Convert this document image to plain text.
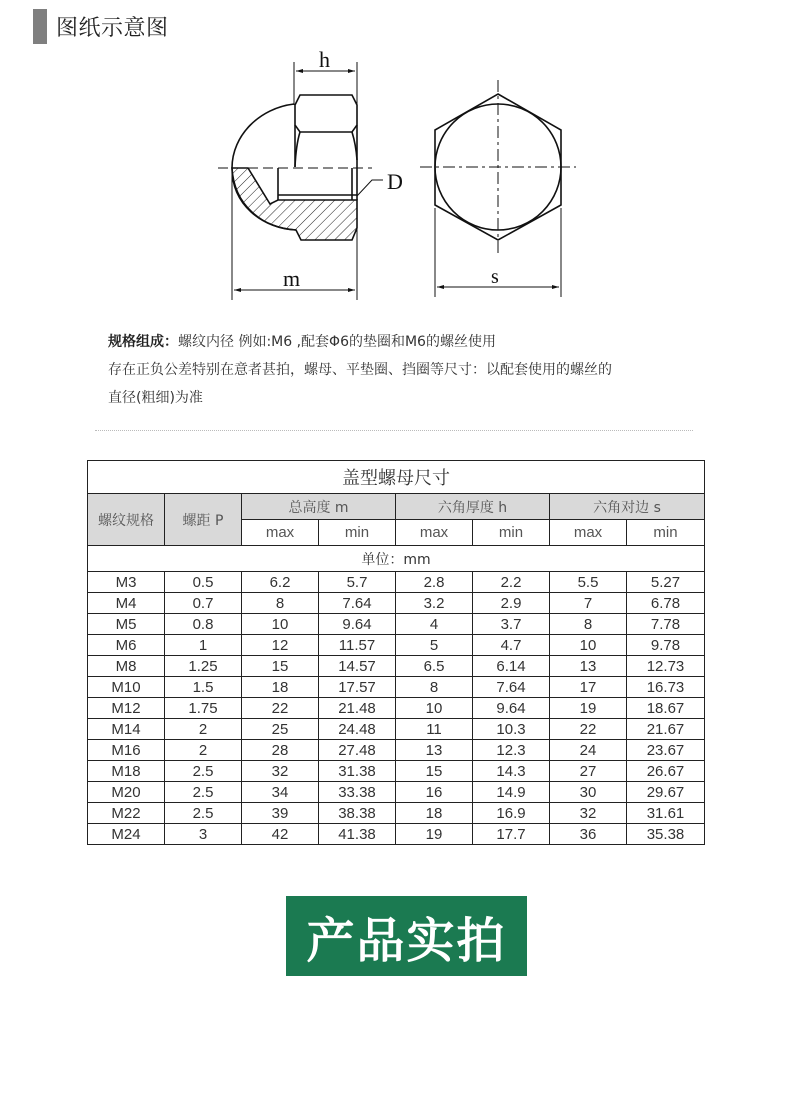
图纸示意图
h
D
m	s
规格组成：螺纹内径 例如:M6 ,配套Φ6的垫圈和M6的螺丝使用
存在正负公差特别在意者甚拍，螺母、平垫圈、挡圈等尺寸：以配套使用的螺丝的
直径(粗细)为准
盖型螺母尺寸							
螺纹规格	螺距 P	总高度 m		六角厚度 h		六角对边 s	
		max	min	max	min	max	min
单位：mm							
M3	0.5	6.2	5.7	2.8	2.2	5.5	5.27
M4	0.7	8	7.64	3.2	2.9	7	6.78
M5	0.8	10	9.64	4	3.7	8	7.78
M6	1	12	11.57	5	4.7	10	9.78
M8	1.25	15	14.57	6.5	6.14	13	12.73
M10	1.5	18	17.57	8	7.64	17	16.73
M12	1.75	22	21.48	10	9.64	19	18.67
M14	2	25	24.48	11	10.3	22	21.67
M16	2	28	27.48	13	12.3	24	23.67
M18	2.5	32	31.38	15	14.3	27	26.67
M20	2.5	34	33.38	16	14.9	30	29.67
M22	2.5	39	38.38	18	16.9	32	31.61
M24	3	42	41.38	19	17.7	36	35.38
产品实拍
